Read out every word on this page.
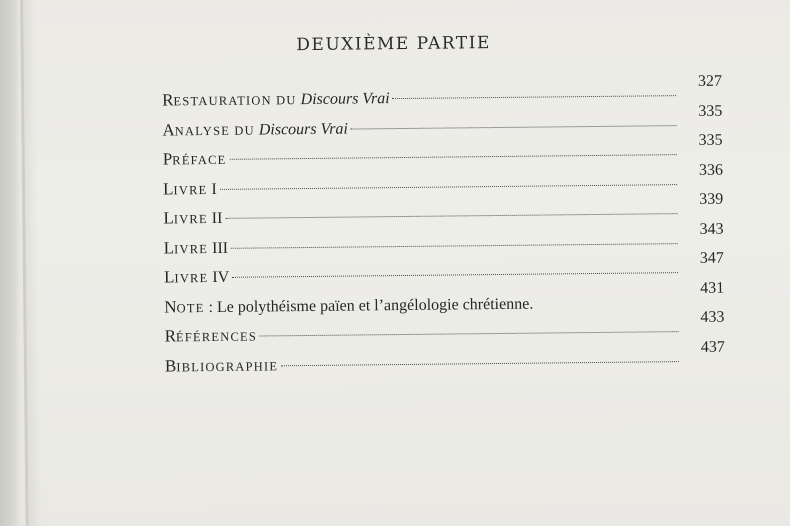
DEUXIÈME PARTIE
RESTAURATION DU Discours Vrai
327
ANALYSE DU Discours Vrai
335
PRÉFACE
335
LIVRE I
336
LIVRE II
339
LIVRE III
343
LIVRE IV
347
NOTE : Le polythéisme païen et l’angélologie chrétienne.
431
RÉFÉRENCES
433
BIBLIOGRAPHIE
437
